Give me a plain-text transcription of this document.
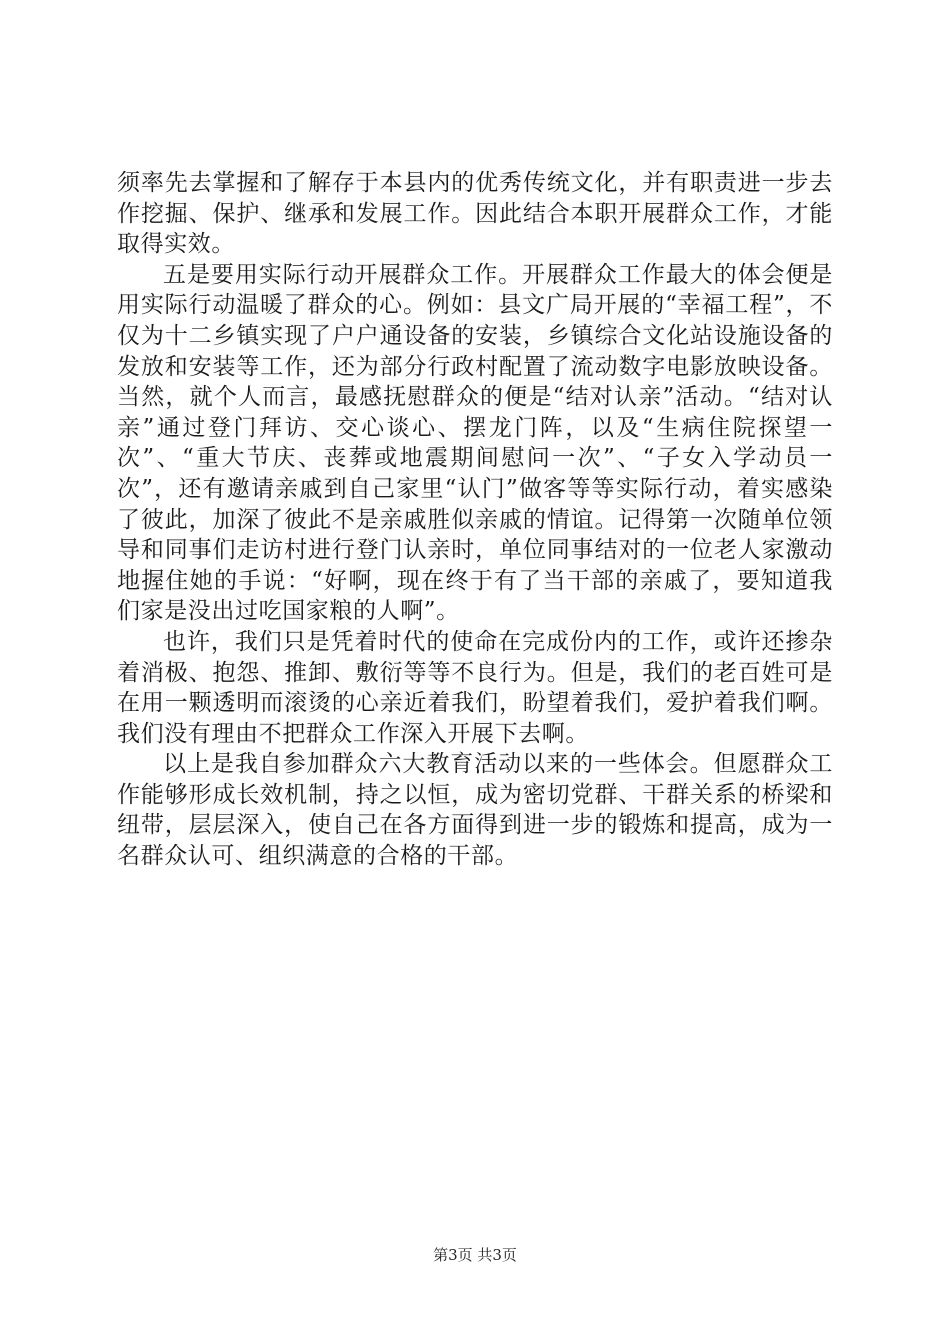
须率先去掌握和了解存于本县内的优秀传统文化，并有职责进一步去作挖掘、保护、继承和发展工作。因此结合本职开展群众工作，才能取得实效。

五是要用实际行动开展群众工作。开展群众工作最大的体会便是用实际行动温暖了群众的心。例如：县文广局开展的“幸福工程”，不仅为十二乡镇实现了户户通设备的安装，乡镇综合文化站设施设备的发放和安装等工作，还为部分行政村配置了流动数字电影放映设备。当然，就个人而言，最感抚慰群众的便是“结对认亲”活动。“结对认亲”通过登门拜访、交心谈心、摆龙门阵，以及“生病住院探望一次”、“重大节庆、丧葬或地震期间慰问一次”、“子女入学动员一次”，还有邀请亲戚到自己家里“认门”做客等等实际行动，着实感染了彼此，加深了彼此不是亲戚胜似亲戚的情谊。记得第一次随单位领导和同事们走访村进行登门认亲时，单位同事结对的一位老人家激动地握住她的手说：“好啊，现在终于有了当干部的亲戚了，要知道我们家是没出过吃国家粮的人啊”。

也许，我们只是凭着时代的使命在完成份内的工作，或许还掺杂着消极、抱怨、推卸、敷衍等等不良行为。但是，我们的老百姓可是在用一颗透明而滚烫的心亲近着我们，盼望着我们，爱护着我们啊。我们没有理由不把群众工作深入开展下去啊。

以上是我自参加群众六大教育活动以来的一些体会。但愿群众工作能够形成长效机制，持之以恒，成为密切党群、干群关系的桥梁和纽带，层层深入，使自己在各方面得到进一步的锻炼和提高，成为一名群众认可、组织满意的合格的干部。

第3页 共3页
